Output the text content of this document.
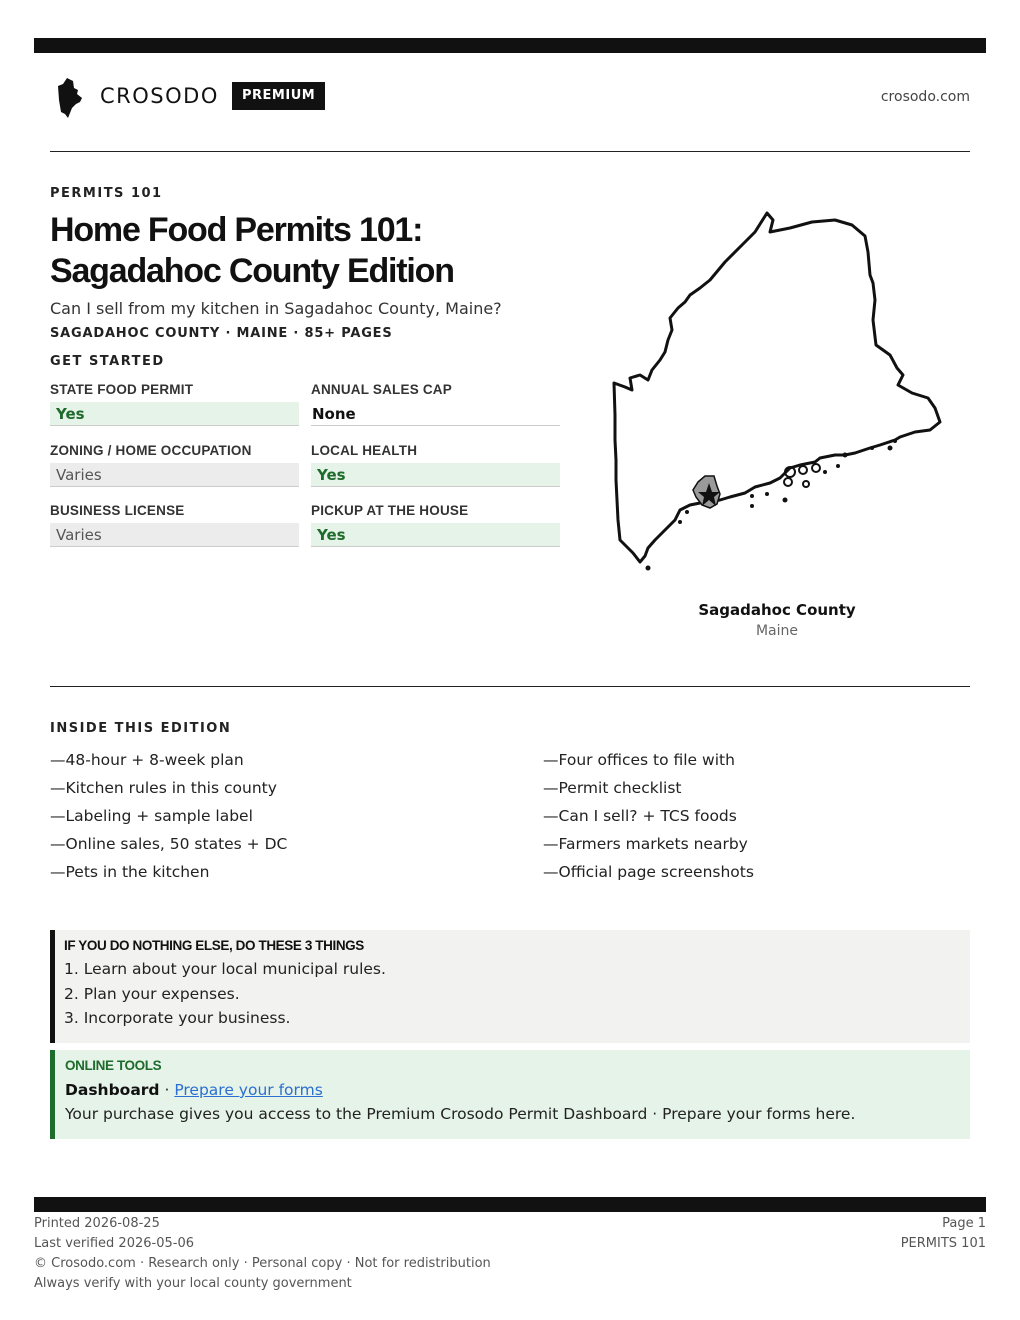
CROSODO	PREMIUM	crosodo.com
PERMITS 101
Home Food Permits 101:
Sagadahoc County Edition
Can I sell from my kitchen in Sagadahoc County, Maine?
SAGADAHOC COUNTY · MAINE · 85+ PAGES
GET STARTED
STATE FOOD PERMIT
Yes
ANNUAL SALES CAP
None
ZONING / HOME OCCUPATION
Varies
LOCAL HEALTH
Yes
BUSINESS LICENSE
Varies
PICKUP AT THE HOUSE
Yes
Sagadahoc County
Maine
INSIDE THIS EDITION
—48-hour + 8-week plan
—Kitchen rules in this county
—Labeling + sample label
—Online sales, 50 states + DC
—Pets in the kitchen
—Four offices to file with
—Permit checklist
—Can I sell? + TCS foods
—Farmers markets nearby
—Official page screenshots
IF YOU DO NOTHING ELSE, DO THESE 3 THINGS
1. Learn about your local municipal rules.
2. Plan your expenses.
3. Incorporate your business.
ONLINE TOOLS
Dashboard · Prepare your forms
Your purchase gives you access to the Premium Crosodo Permit Dashboard · Prepare your forms here.
Printed 2026-08-25
Last verified 2026-05-06
© Crosodo.com · Research only · Personal copy · Not for redistribution
Always verify with your local county government
Page 1
PERMITS 101
